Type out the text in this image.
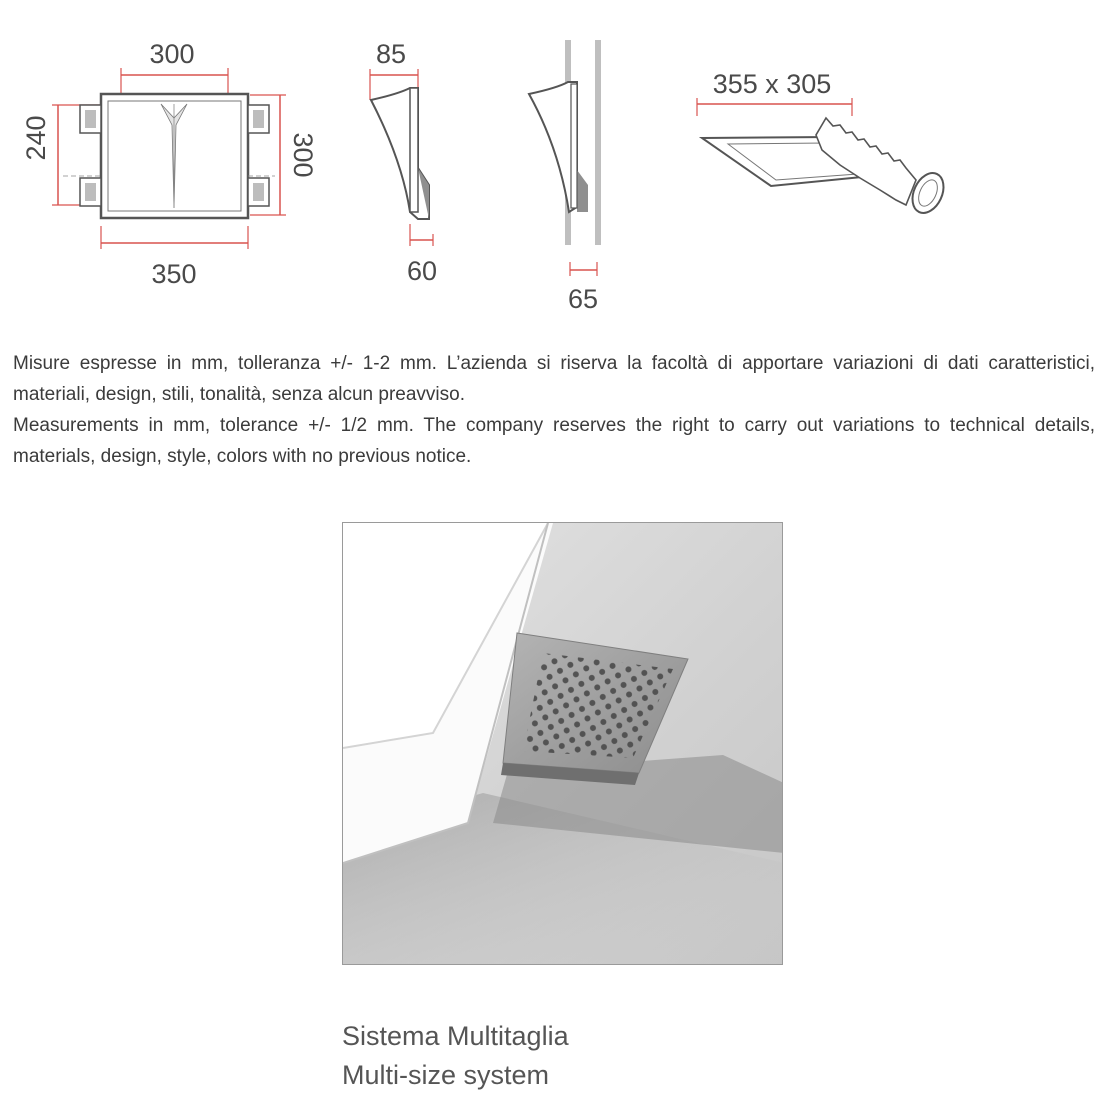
300
240	300
350
85
60
65
355 x 305

Misure espresse in mm, tolleranza +/- 1-2 mm. L’azienda si riserva la facoltà di apportare variazioni di dati caratteristici, materiali, design, stili, tonalità, senza alcun preavviso.

Measurements in mm, tolerance +/- 1/2 mm. The company reserves the right to carry out variations to technical details, materials, design, style, colors with no previous notice.

Sistema Multitaglia
Multi-size system
